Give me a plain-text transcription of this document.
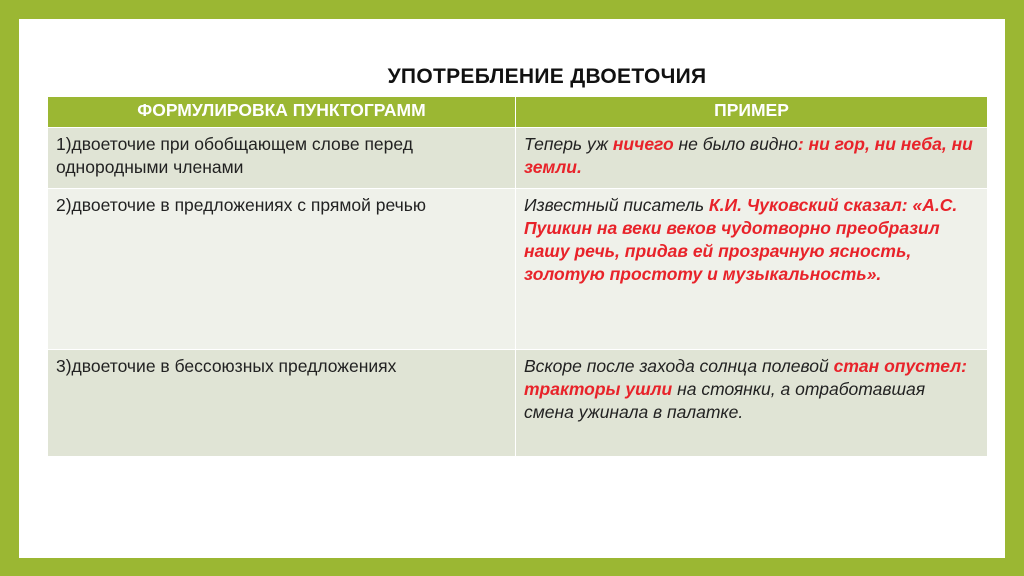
УПОТРЕБЛЕНИЕ ДВОЕТОЧИЯ
ФОРМУЛИРОВКА ПУНКТОГРАММ	ПРИМЕР
1)двоеточие при обобщающем слове перед однородными членами	Теперь уж ничего не было видно: ни гор, ни неба, ни земли.
2)двоеточие в предложениях с прямой речью	Известный писатель К.И. Чуковский сказал: «А.С. Пушкин на веки веков чудотворно преобразил нашу речь, придав ей прозрачную ясность, золотую простоту и музыкальность».
3)двоеточие в бессоюзных предложениях	Вскоре после захода солнца полевой стан опустел: тракторы ушли на стоянки, а отработавшая смена ужинала в палатке.
